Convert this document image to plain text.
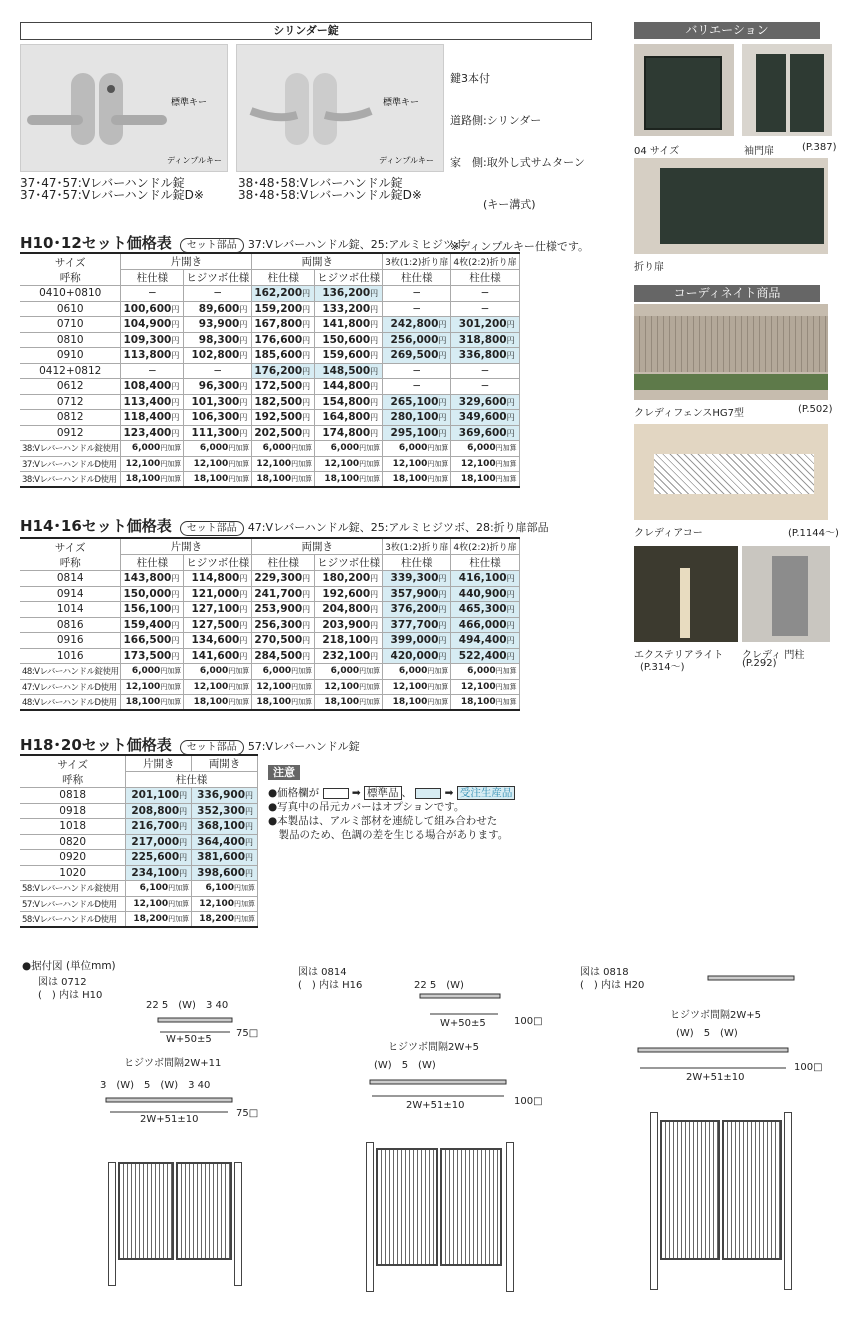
シリンダー錠
標準キー
ディンプルキー
標準キー
ディンプルキー

鍵3本付

道路側:シリンダー

家　側:取外し式サムターン

　　　(キー溝式)

※ディンプルキー仕様です。

37･47･57:Vレバーハンドル錠
37･47･57:Vレバーハンドル錠D※
38･48･58:Vレバーハンドル錠
38･48･58:Vレバーハンドル錠D※
H10･12セット価格表 セット部品 37:Vレバーハンドル錠、25:アルミヒジツボ
サイズ
呼称	片開き		両開き		3枚(1:2)折り扉	4枚(2:2)折り扉
	柱仕様	ヒジツボ仕様	柱仕様	ヒジツボ仕様	柱仕様	柱仕様
0410+0810	−	−	162,200円	136,200円	−	−
0610	100,600円	89,600円	159,200円	133,200円	−	−
0710	104,900円	93,900円	167,800円	141,800円	242,800円	301,200円
0810	109,300円	98,300円	176,600円	150,600円	256,000円	318,800円
0910	113,800円	102,800円	185,600円	159,600円	269,500円	336,800円
0412+0812	−	−	176,200円	148,500円	−	−
0612	108,400円	96,300円	172,500円	144,800円	−	−
0712	113,400円	101,300円	182,500円	154,800円	265,100円	329,600円
0812	118,400円	106,300円	192,500円	164,800円	280,100円	349,600円
0912	123,400円	111,300円	202,500円	174,800円	295,100円	369,600円
38:Vレバーハンドル錠使用	6,000円加算	6,000円加算	6,000円加算	6,000円加算	6,000円加算	6,000円加算
37:VレバーハンドルD使用	12,100円加算	12,100円加算	12,100円加算	12,100円加算	12,100円加算	12,100円加算
38:VレバーハンドルD使用	18,100円加算	18,100円加算	18,100円加算	18,100円加算	18,100円加算	18,100円加算
H14･16セット価格表 セット部品 47:Vレバーハンドル錠、25:アルミヒジツボ、28:折り扉部品
サイズ
呼称	片開き		両開き		3枚(1:2)折り扉	4枚(2:2)折り扉
	柱仕様	ヒジツボ仕様	柱仕様	ヒジツボ仕様	柱仕様	柱仕様
0814	143,800円	114,800円	229,300円	180,200円	339,300円	416,100円
0914	150,000円	121,000円	241,700円	192,600円	357,900円	440,900円
1014	156,100円	127,100円	253,900円	204,800円	376,200円	465,300円
0816	159,400円	127,500円	256,300円	203,900円	377,700円	466,000円
0916	166,500円	134,600円	270,500円	218,100円	399,000円	494,400円
1016	173,500円	141,600円	284,500円	232,100円	420,000円	522,400円
48:Vレバーハンドル錠使用	6,000円加算	6,000円加算	6,000円加算	6,000円加算	6,000円加算	6,000円加算
47:VレバーハンドルD使用	12,100円加算	12,100円加算	12,100円加算	12,100円加算	12,100円加算	12,100円加算
48:VレバーハンドルD使用	18,100円加算	18,100円加算	18,100円加算	18,100円加算	18,100円加算	18,100円加算
H18･20セット価格表 セット部品 57:Vレバーハンドル錠
サイズ
呼称	片開き	両開き
	柱仕様	
0818	201,100円	336,900円
0918	208,800円	352,300円
1018	216,700円	368,100円
0820	217,000円	364,400円
0920	225,600円	381,600円
1020	234,100円	398,600円
58:Vレバーハンドル錠使用	6,100円加算	6,100円加算
57:VレバーハンドルD使用	12,100円加算	12,100円加算
58:VレバーハンドルD使用	18,200円加算	18,200円加算
注意
●価格欄が	➡ 標準品 、	➡ 受注生産品
●写真中の吊元カバーはオプションです。
●本製品は、アルミ部材を連続して組み合わせた
　製品のため、色調の差を生じる場合があります。
バリエーション
04 サイズ	袖門扉	(P.387)
折り扉
コーディネイト商品
クレディフェンスHG7型	(P.502)
クレディアコー	(P.1144〜)
エクステリアライト
(P.314〜)
クレディ 門柱
(P.292)
●据付図 (単位mm)
図は 0712
(　) 内は H10
図は 0814
(　) 内は H16
図は 0818
(　) 内は H20
22 5　(W)　3 40
W+50±5
75□
ヒジツボ間隔2W+11
3　(W)　5　(W)　3 40
2W+51±10
75□
22 5　(W)
W+50±5	100□
ヒジツボ間隔2W+5
(W)　5　(W)
2W+51±10	100□
ヒジツボ間隔2W+5
(W)　5　(W)
2W+51±10
100□
